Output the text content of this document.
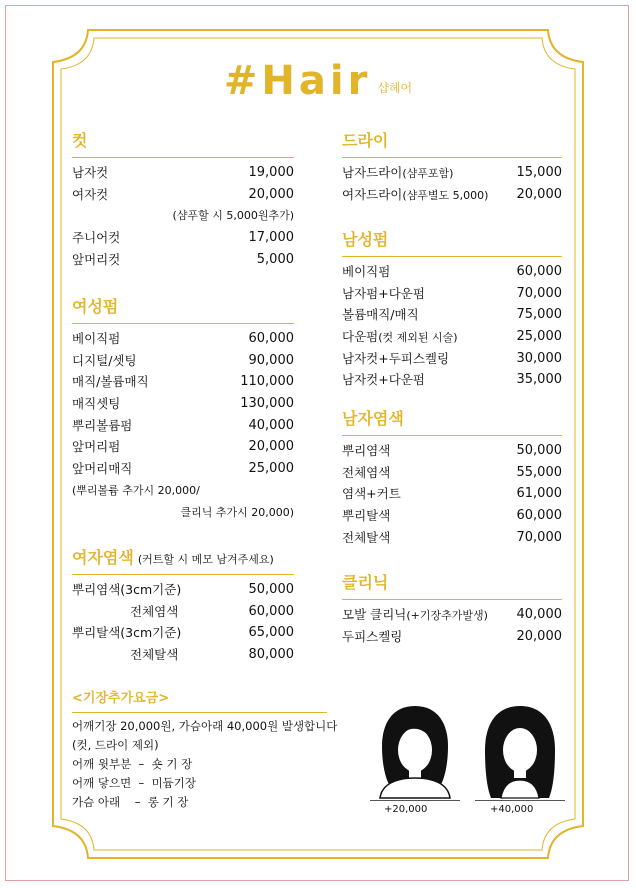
#Hair $_{샵헤어}$
컷
남자컷	19,000
여자컷	20,000
(샴푸할 시 5,000원추가)
주니어컷	17,000
앞머리컷	5,000
여성펌
베이직펌	60,000
디지털/셋팅	90,000
매직/볼륨매직	110,000
매직셋팅	130,000
뿌리볼륨펌	40,000
앞머리펌	20,000
앞머리매직	25,000
(뿌리볼륨 추가시 20,000/
클리닉 추가시 20,000)
여자염색 (커트할 시 메모 남겨주세요)
뿌리염색(3cm기준)	50,000
전체염색	60,000
뿌리탈색(3cm기준)	65,000
전체탈색	80,000
드라이
남자드라이(샴푸포함)	15,000
여자드라이(샴푸별도 5,000) 20,000
남성펌
베이직펌	60,000
남자펌+다운펌	70,000
볼륨매직/매직	75,000
다운펌(컷 제외된 시술)	25,000
남자컷+두피스켈링	30,000
남자컷+다운펌	35,000
남자염색
뿌리염색	50,000
전체염색	55,000
염색+커트	61,000
뿌리탈색	60,000
전체탈색	70,000
클리닉
모발 클리닉(+기장추가발생) 40,000
두피스켈링	20,000
<기장추가요금>
어깨기장 20,000원, 가슴아래 40,000원 발생합니다
(컷, 드라이 제외)
어깨 윗부분  –  숏 기 장
어깨 닿으면  –  미듐기장
가슴 아래    –  롱 기 장
+20,000	+40,000
